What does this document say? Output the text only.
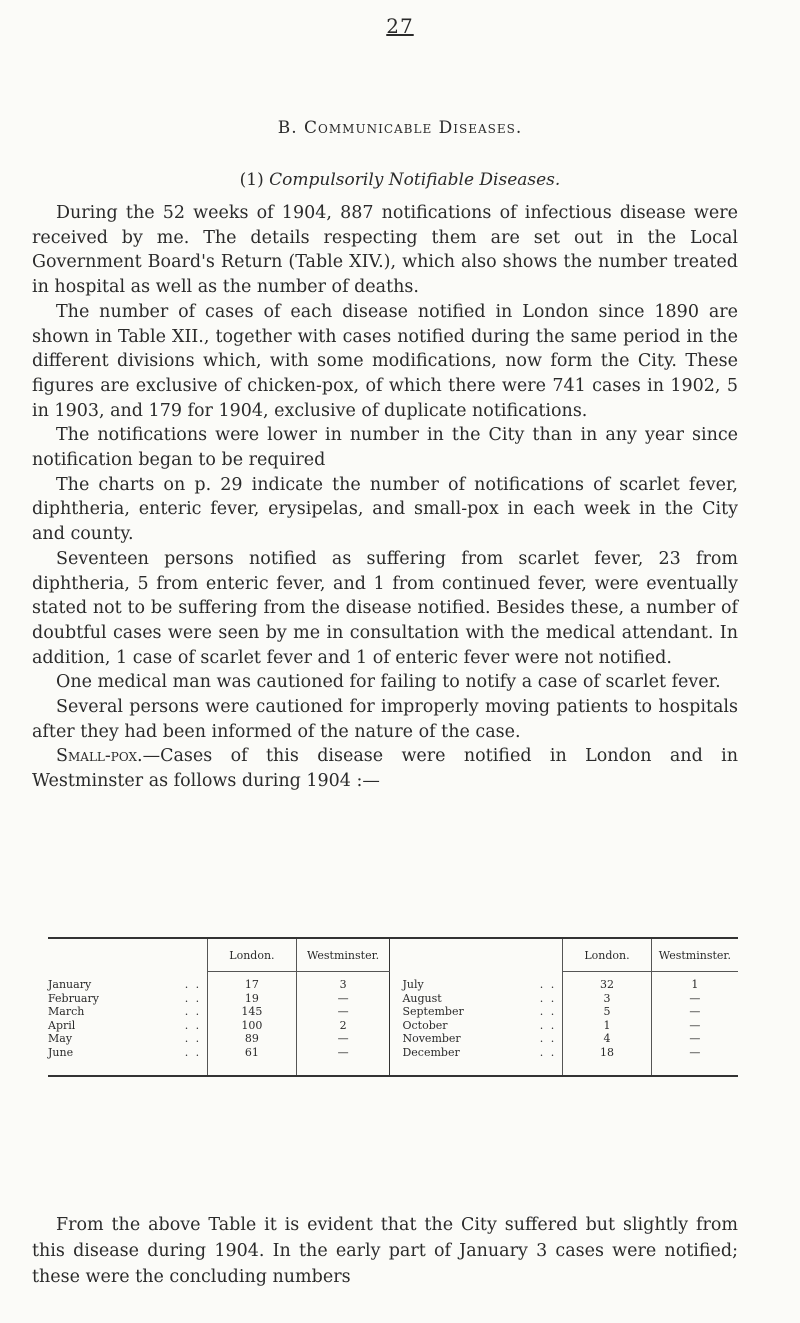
27
B. Communicable Diseases.
(1) Compulsorily Notifiable Diseases.

During the 52 weeks of 1904, 887 notifications of infectious disease were received by me. The details respecting them are set out in the Local Government Board's Return (Table XIV.), which also shows the number treated in hospital as well as the number of deaths.

The number of cases of each disease notified in London since 1890 are shown in Table XII., together with cases notified during the same period in the different divisions which, with some modifications, now form the City. These figures are exclusive of chicken-pox, of which there were 741 cases in 1902, 5 in 1903, and 179 for 1904, exclusive of duplicate notifications.

The notifications were lower in number in the City than in any year since notification began to be required

The charts on p. 29 indicate the number of notifications of scarlet fever, diphtheria, enteric fever, erysipelas, and small-pox in each week in the City and county.

Seventeen persons notified as suffering from scarlet fever, 23 from diphtheria, 5 from enteric fever, and 1 from continued fever, were eventually stated not to be suffering from the disease notified. Besides these, a number of doubtful cases were seen by me in consultation with the medical attendant. In addition, 1 case of scarlet fever and 1 of enteric fever were not notified.

One medical man was cautioned for failing to notify a case of scarlet fever.

Several persons were cautioned for improperly moving patients to hospitals after they had been informed of the nature of the case.

Small-pox.—Cases of this disease were notified in London and in Westminster as follows during 1904 :—

	London.	Westminster.		London.	Westminster.
January . .	17	3	July . .	32	1
February . .	19	—	August . .	3	—
March . .	145	—	September . .	5	—
April . .	100	2	October . .	1	—
May . .	89	—	November . .	4	—
June . .	61	—	December . .	18	—

From the above Table it is evident that the City suffered but slightly from this disease during 1904. In the early part of January 3 cases were notified; these were the concluding numbers
